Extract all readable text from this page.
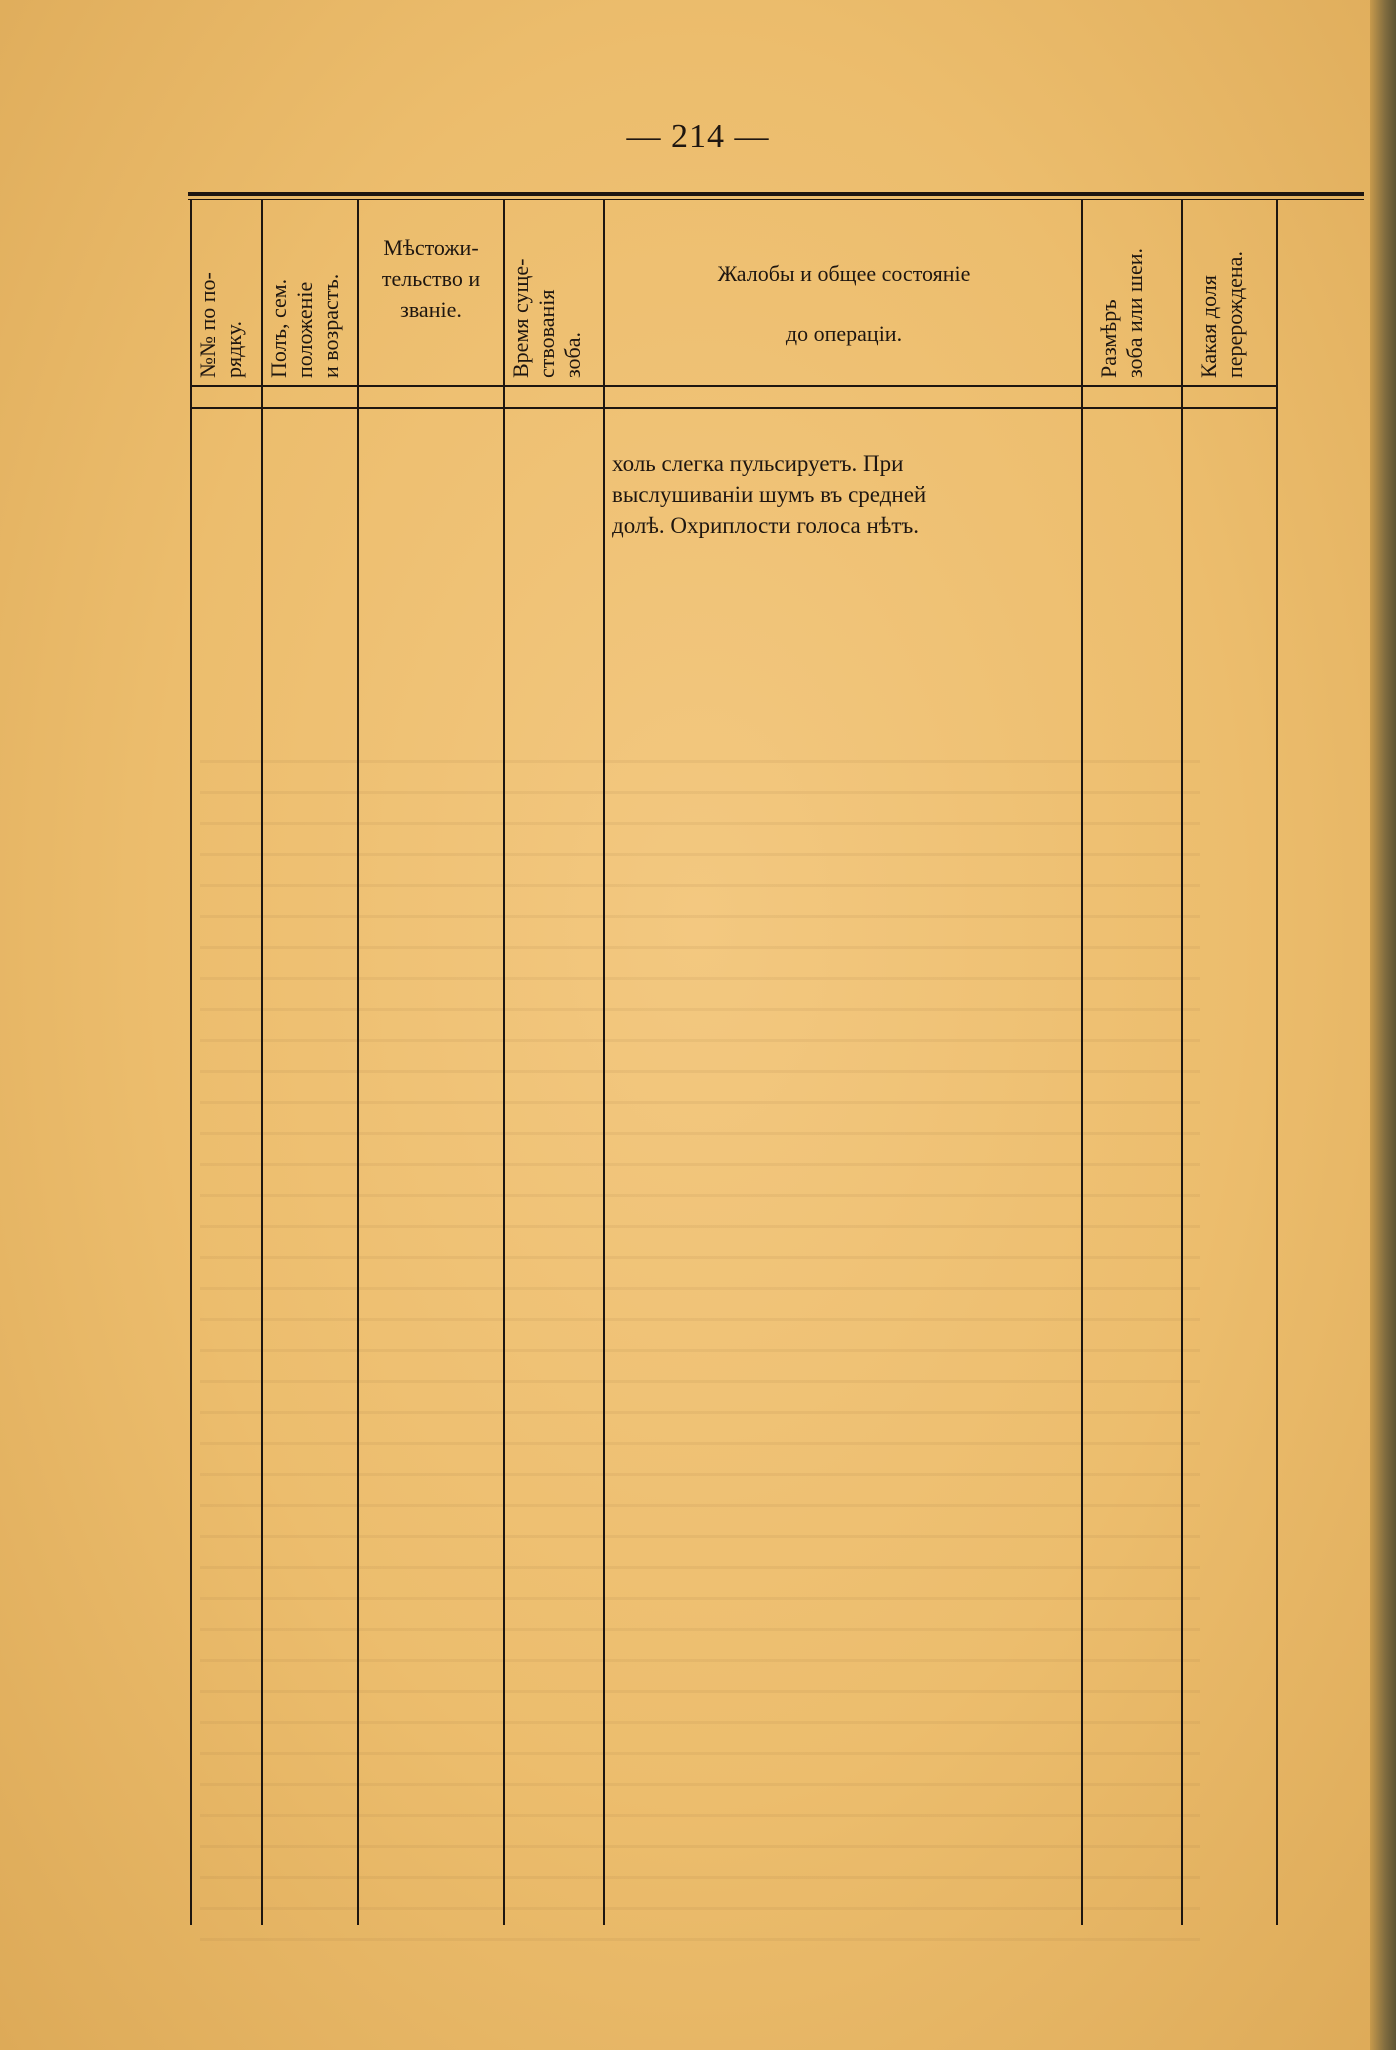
— 214 —
№№ по по- рядку. Полъ, сем. положеніе и возрастъ.
Мѣстожи-
тельство и
званіе.	Время суще- ствованія зоба.
Жалобы и общее состояніе
до операціи.	Размѣръ зоба или шеи. Какая доля перерождена.
холь слегка пульсируетъ. При
выслушиваніи шумъ въ средней
долѣ. Охриплости голоса нѣтъ.
